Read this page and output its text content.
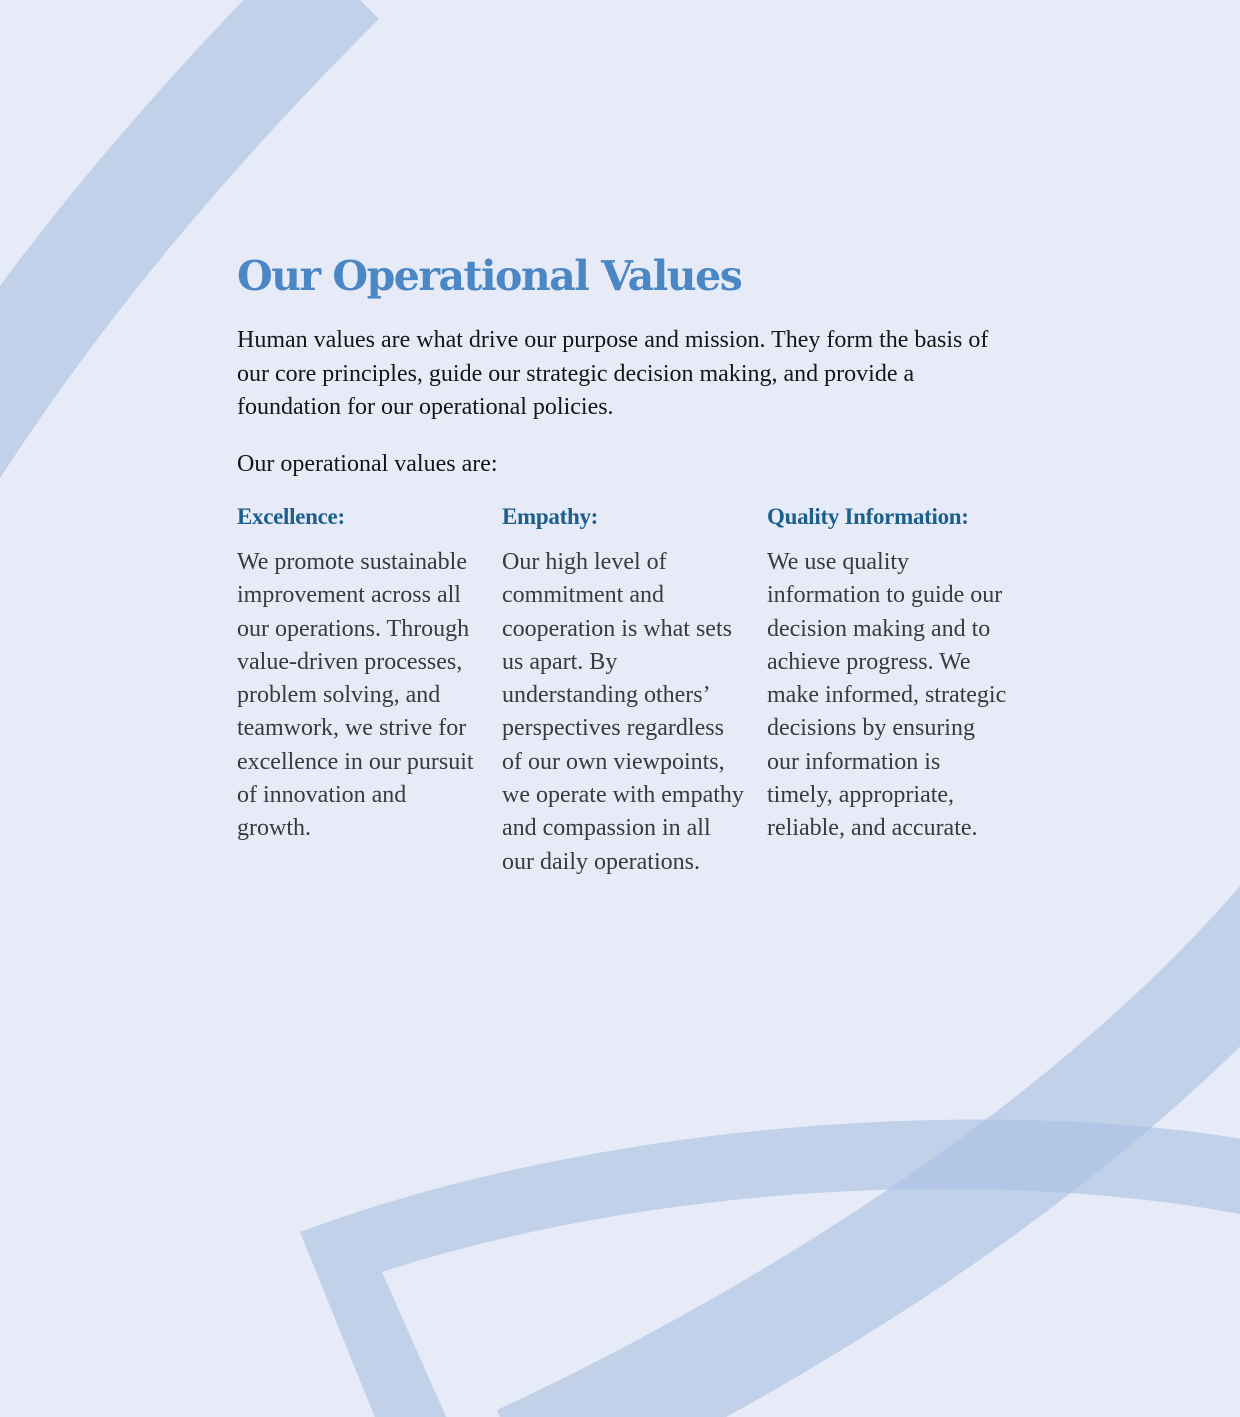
Our Operational Values

Human values are what drive our purpose and mission. They form the basis of our core principles, guide our strategic decision making, and provide a foundation for our operational policies.

Our operational values are:

Excellence:

We promote sustainable improvement across all our operations. Through value-driven processes, problem solving, and teamwork, we strive for excellence in our pursuit of innovation and growth.

Empathy:

Our high level of commitment and cooperation is what sets us apart. By understanding others’ perspectives regardless of our own viewpoints, we operate with empathy and compassion in all our daily operations.

Quality Information:

We use quality information to guide our decision making and to achieve progress. We make informed, strategic decisions by ensuring our information is timely, appropriate, reliable, and accurate.
